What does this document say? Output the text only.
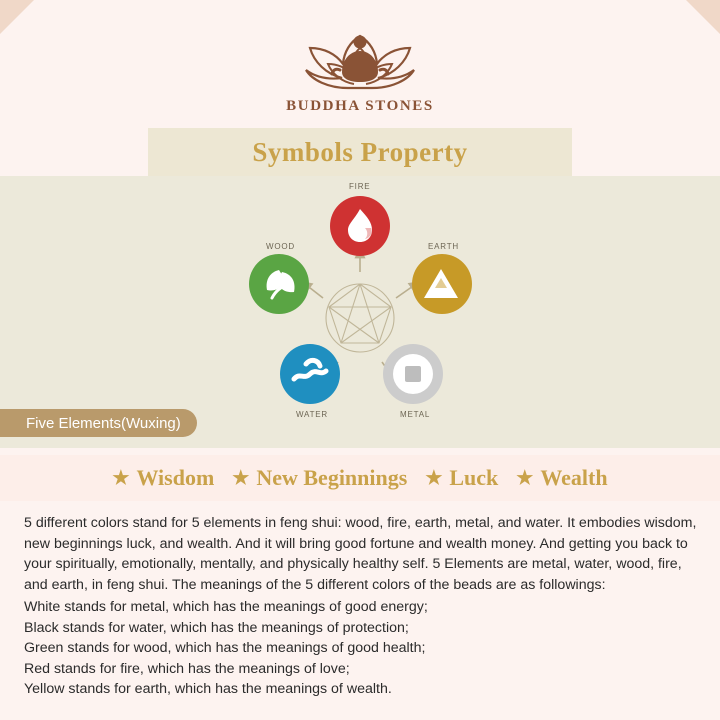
BUDDHA STONES
Symbols Property
FIRE
EARTH
METAL
WATER
WOOD
Five Elements(Wuxing)
★ Wisdom ★ New Beginnings ★ Luck ★ Wealth

5 different colors stand for 5 elements in feng shui: wood, fire, earth, metal, and water. It embodies wisdom, new beginnings luck, and wealth. And it will bring good fortune and wealth money. And getting you back to your spiritually, emotionally, mentally, and physically healthy self. 5 Elements are metal, water, wood, fire, and earth, in feng shui. The meanings of the 5 different colors of the beads are as followings:

White stands for metal, which has the meanings of good energy;

Black stands for water, which has the meanings of protection;

Green stands for wood, which has the meanings of good health;

Red stands for fire, which has the meanings of love;

Yellow stands for earth, which has the meanings of wealth.
